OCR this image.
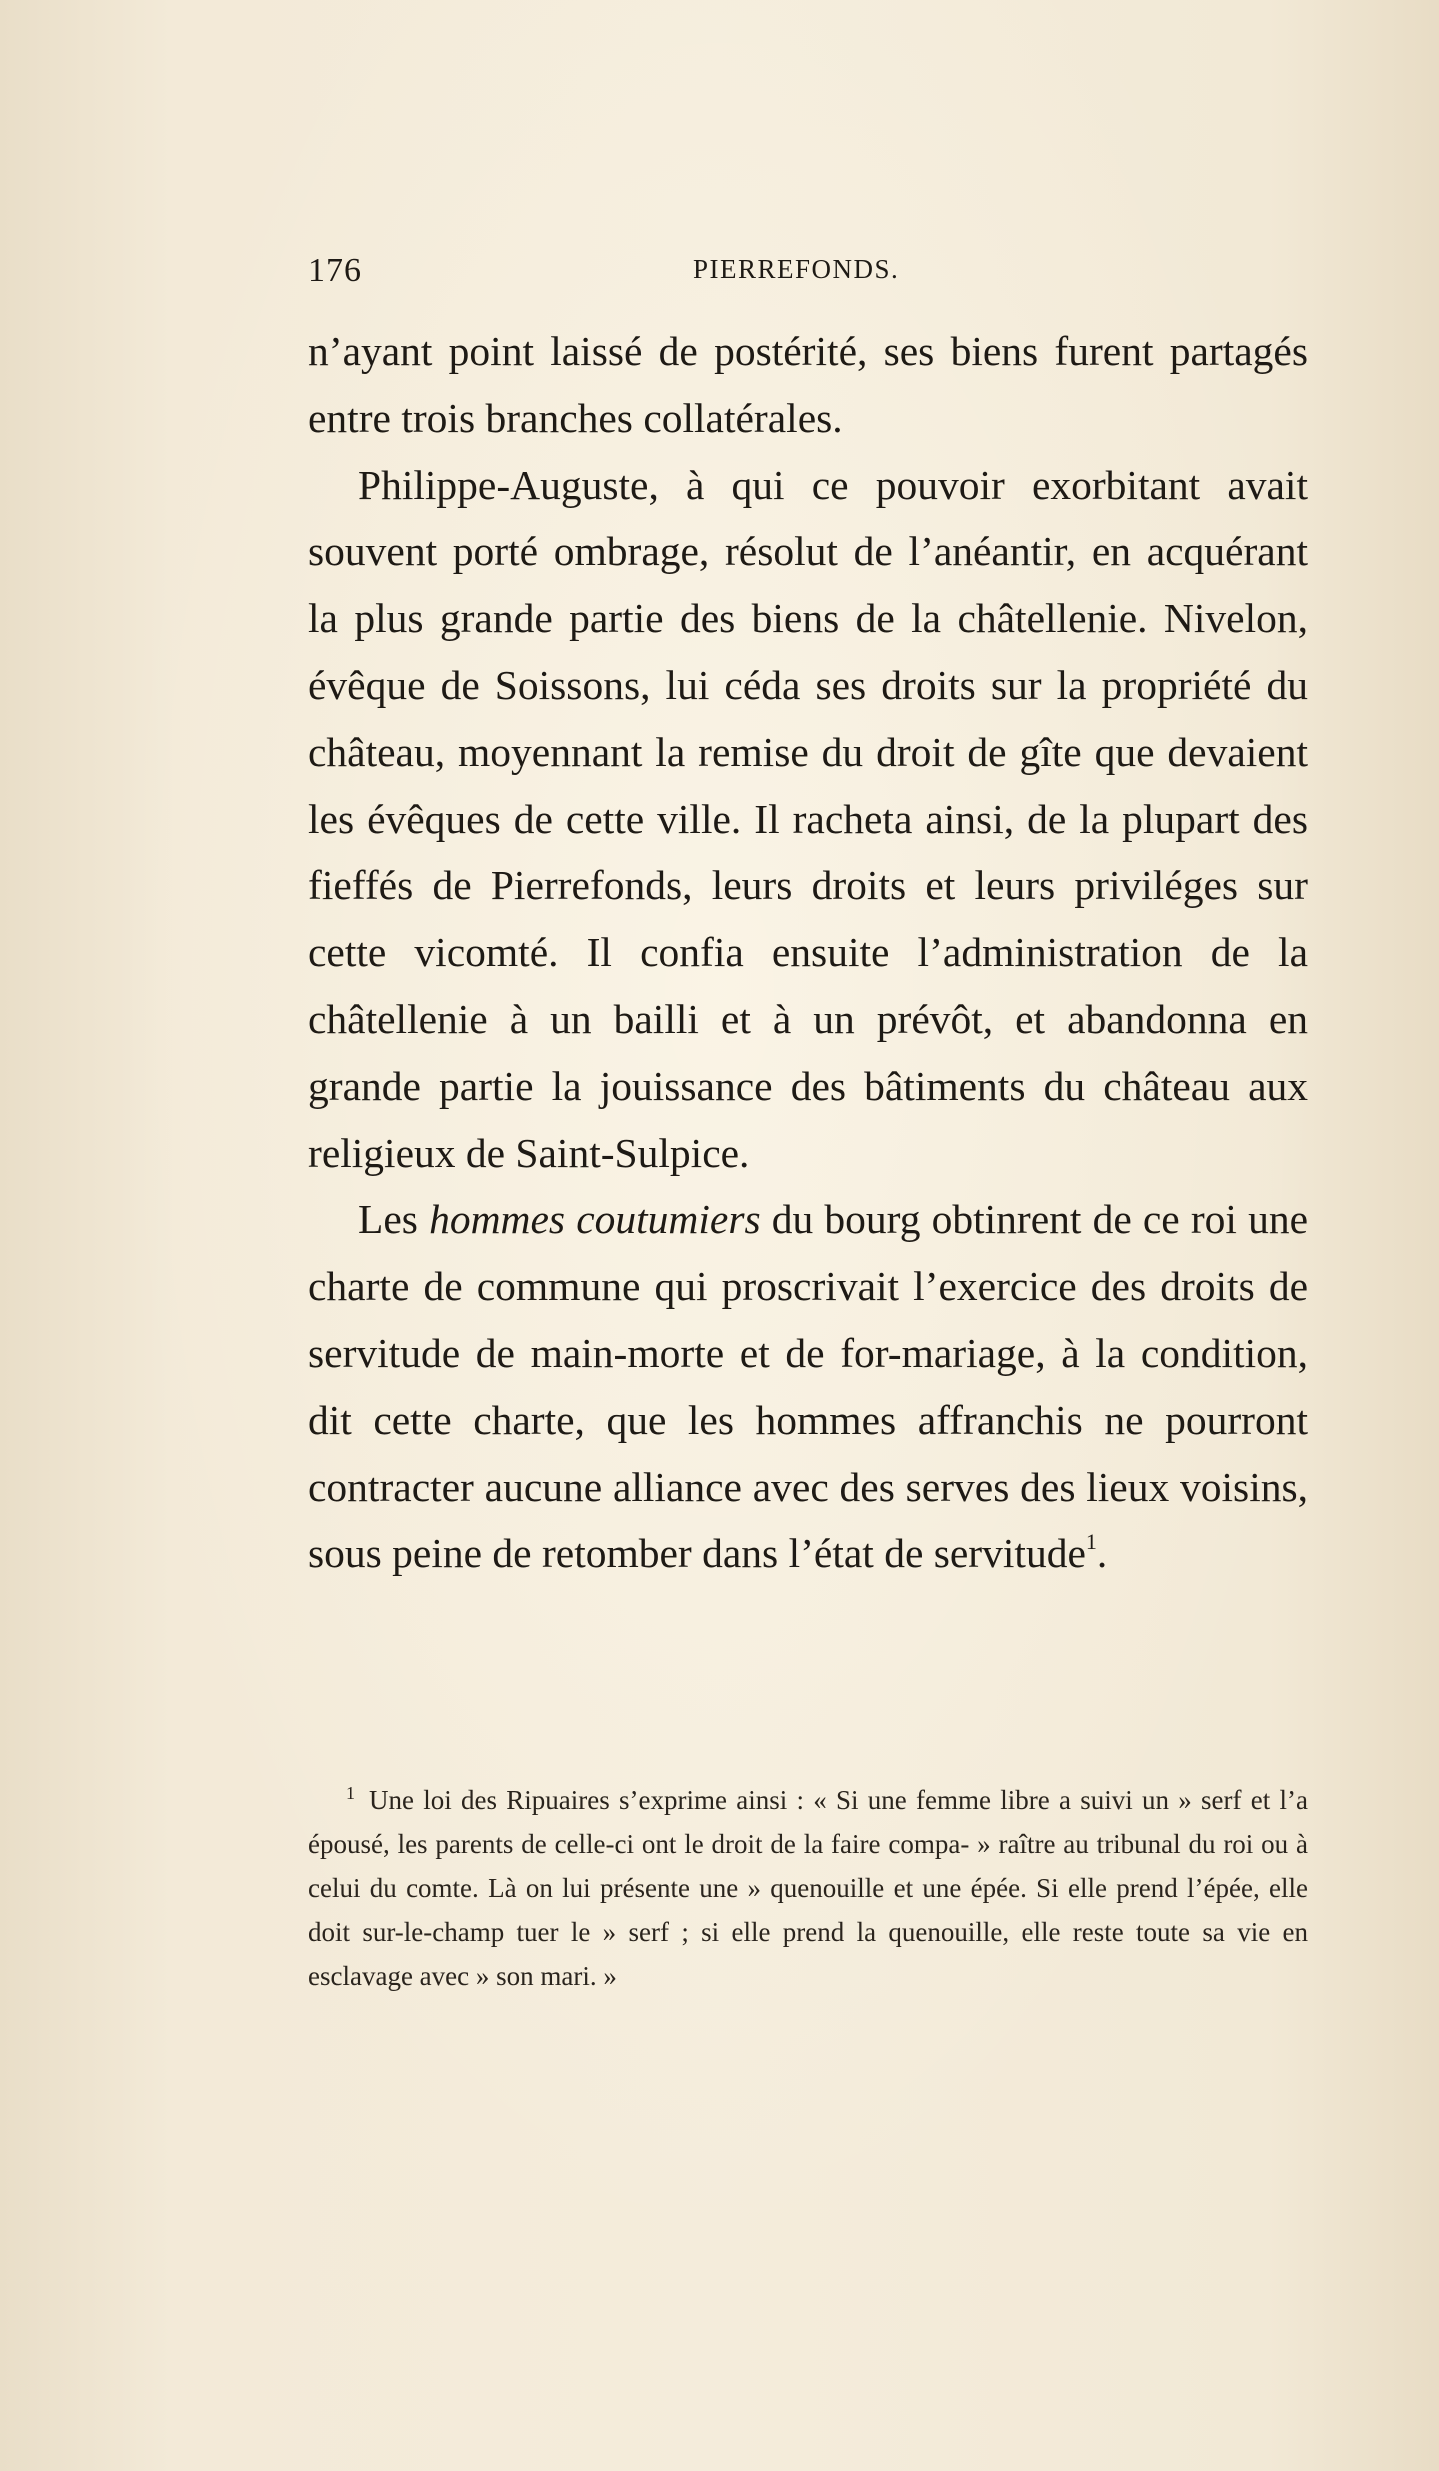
176	PIERREFONDS.

n’ayant point laissé de postérité, ses biens furent partagés entre trois branches collatérales.

Philippe-Auguste, à qui ce pouvoir exorbitant avait souvent porté ombrage, résolut de l’anéantir, en acquérant la plus grande partie des biens de la châtellenie. Nivelon, évêque de Soissons, lui céda ses droits sur la propriété du château, moyennant la remise du droit de gîte que devaient les évêques de cette ville. Il racheta ainsi, de la plupart des fieffés de Pierrefonds, leurs droits et leurs priviléges sur cette vicomté. Il confia ensuite l’administration de la châtellenie à un bailli et à un prévôt, et abandonna en grande partie la jouissance des bâtiments du château aux religieux de Saint-Sulpice.

Les hommes coutumiers du bourg obtinrent de ce roi une charte de commune qui proscrivait l’exercice des droits de servitude de main-morte et de for-mariage, à la condition, dit cette charte, que les hommes affranchis ne pourront contracter aucune alliance avec des serves des lieux voisins, sous peine de retomber dans l’état de servitude$^1$.

$^1$ Une loi des Ripuaires s’exprime ainsi : « Si une femme libre a suivi un » serf et l’a épousé, les parents de celle-ci ont le droit de la faire compa- » raître au tribunal du roi ou à celui du comte. Là on lui présente une » quenouille et une épée. Si elle prend l’épée, elle doit sur-le-champ tuer le » serf ; si elle prend la quenouille, elle reste toute sa vie en esclavage avec » son mari. »
